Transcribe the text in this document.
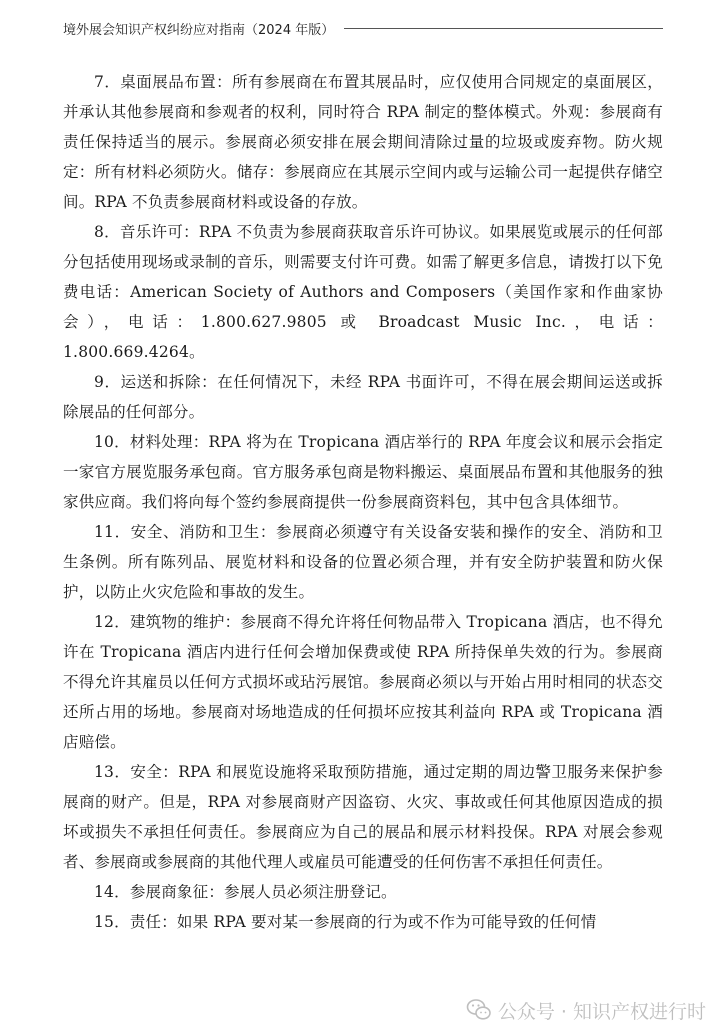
境外展会知识产权纠纷应对指南（2024 年版）

7．桌面展品布置：所有参展商在布置其展品时，应仅使用合同规定的桌面展区，并承认其他参展商和参观者的权利，同时符合 RPA 制定的整体模式。外观：参展商有责任保持适当的展示。参展商必须安排在展会期间清除过量的垃圾或废弃物。防火规定：所有材料必须防火。储存：参展商应在其展示空间内或与运输公司一起提供存储空间。RPA 不负责参展商材料或设备的存放。

8．音乐许可：RPA 不负责为参展商获取音乐许可协议。如果展览或展示的任何部分包括使用现场或录制的音乐，则需要支付许可费。如需了解更多信息，请拨打以下免费电话：American Society of Authors and Composers（美国作家和作曲家协会），电话：1.800.627.9805 或 Broadcast Music Inc.，电话：1.800.669.4264。

9．运送和拆除：在任何情况下，未经 RPA 书面许可，不得在展会期间运送或拆除展品的任何部分。

10．材料处理：RPA 将为在 Tropicana 酒店举行的 RPA 年度会议和展示会指定一家官方展览服务承包商。官方服务承包商是物料搬运、桌面展品布置和其他服务的独家供应商。我们将向每个签约参展商提供一份参展商资料包，其中包含具体细节。

11．安全、消防和卫生：参展商必须遵守有关设备安装和操作的安全、消防和卫生条例。所有陈列品、展览材料和设备的位置必须合理，并有安全防护装置和防火保护，以防止火灾危险和事故的发生。

12．建筑物的维护：参展商不得允许将任何物品带入 Tropicana 酒店，也不得允许在 Tropicana 酒店内进行任何会增加保费或使 RPA 所持保单失效的行为。参展商不得允许其雇员以任何方式损坏或玷污展馆。参展商必须以与开始占用时相同的状态交还所占用的场地。参展商对场地造成的任何损坏应按其利益向 RPA 或 Tropicana 酒店赔偿。

13．安全：RPA 和展览设施将采取预防措施，通过定期的周边警卫服务来保护参展商的财产。但是，RPA 对参展商财产因盗窃、火灾、事故或任何其他原因造成的损坏或损失不承担任何责任。参展商应为自己的展品和展示材料投保。RPA 对展会参观者、参展商或参展商的其他代理人或雇员可能遭受的任何伤害不承担任何责任。

14．参展商象征：参展人员必须注册登记。

15．责任：如果 RPA 要对某一参展商的行为或不作为可能导致的任何情

公众号 · 知识产权进行时
